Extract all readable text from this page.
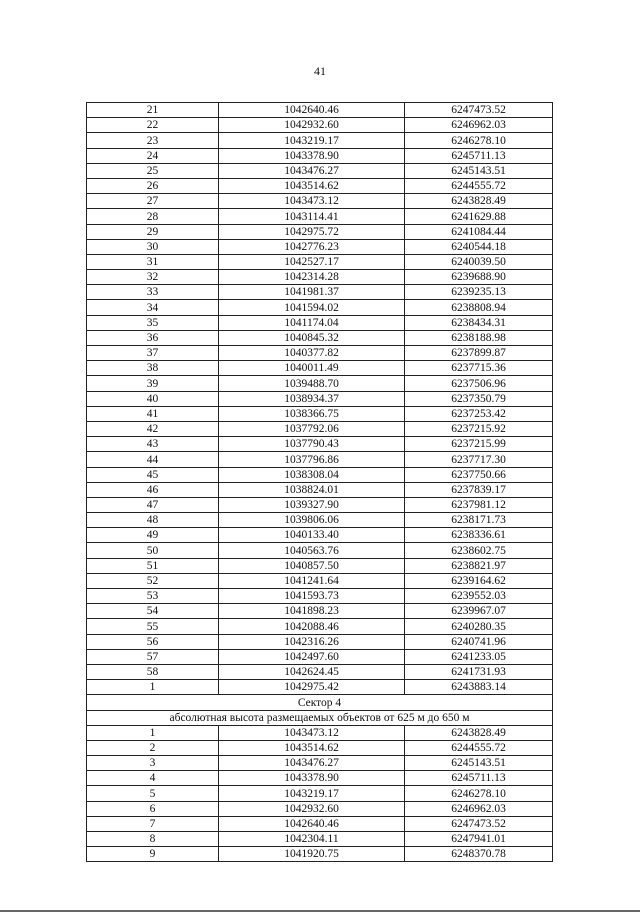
41
21	1042640.46	6247473.52
22	1042932.60	6246962.03
23	1043219.17	6246278.10
24	1043378.90	6245711.13
25	1043476.27	6245143.51
26	1043514.62	6244555.72
27	1043473.12	6243828.49
28	1043114.41	6241629.88
29	1042975.72	6241084.44
30	1042776.23	6240544.18
31	1042527.17	6240039.50
32	1042314.28	6239688.90
33	1041981.37	6239235.13
34	1041594.02	6238808.94
35	1041174.04	6238434.31
36	1040845.32	6238188.98
37	1040377.82	6237899.87
38	1040011.49	6237715.36
39	1039488.70	6237506.96
40	1038934.37	6237350.79
41	1038366.75	6237253.42
42	1037792.06	6237215.92
43	1037790.43	6237215.99
44	1037796.86	6237717.30
45	1038308.04	6237750.66
46	1038824.01	6237839.17
47	1039327.90	6237981.12
48	1039806.06	6238171.73
49	1040133.40	6238336.61
50	1040563.76	6238602.75
51	1040857.50	6238821.97
52	1041241.64	6239164.62
53	1041593.73	6239552.03
54	1041898.23	6239967.07
55	1042088.46	6240280.35
56	1042316.26	6240741.96
57	1042497.60	6241233.05
58	1042624.45	6241731.93
1	1042975.42	6243883.14
Сектор 4		
абсолютная высота размещаемых объектов от 625 м до 650 м		
1	1043473.12	6243828.49
2	1043514.62	6244555.72
3	1043476.27	6245143.51
4	1043378.90	6245711.13
5	1043219.17	6246278.10
6	1042932.60	6246962.03
7	1042640.46	6247473.52
8	1042304.11	6247941.01
9	1041920.75	6248370.78
